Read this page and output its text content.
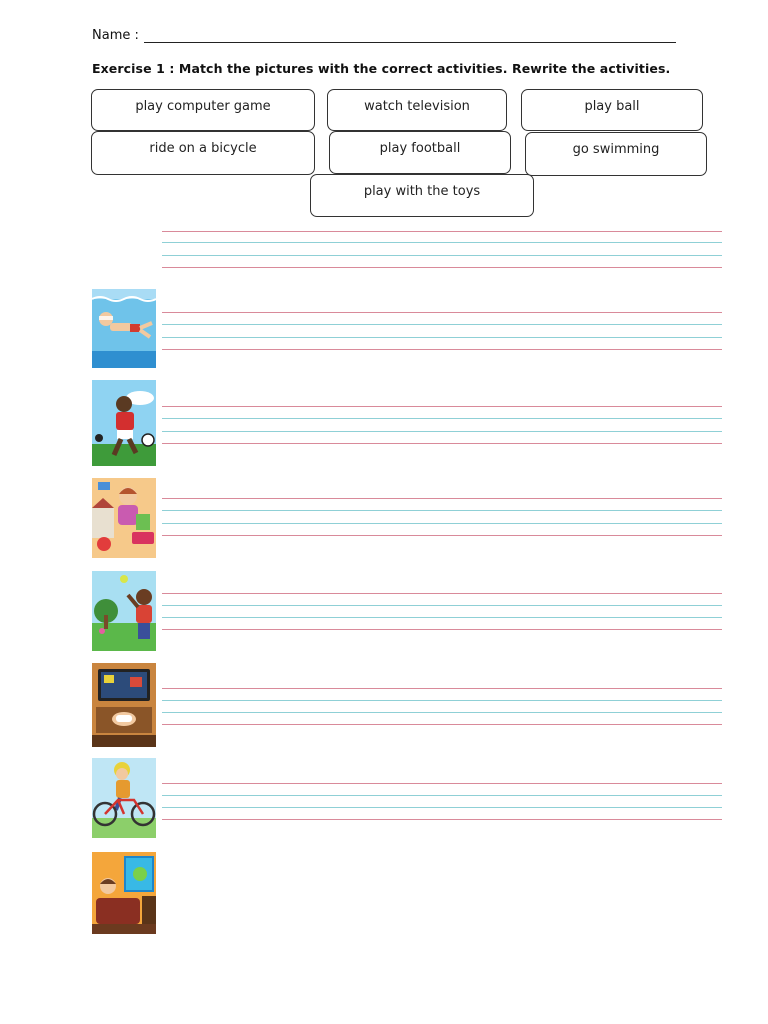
Name :
Exercise 1 : Match the pictures with the correct activities. Rewrite the activities.
play computer game	watch television	play ball
ride on a bicycle	play football	go swimming
play with the toys
